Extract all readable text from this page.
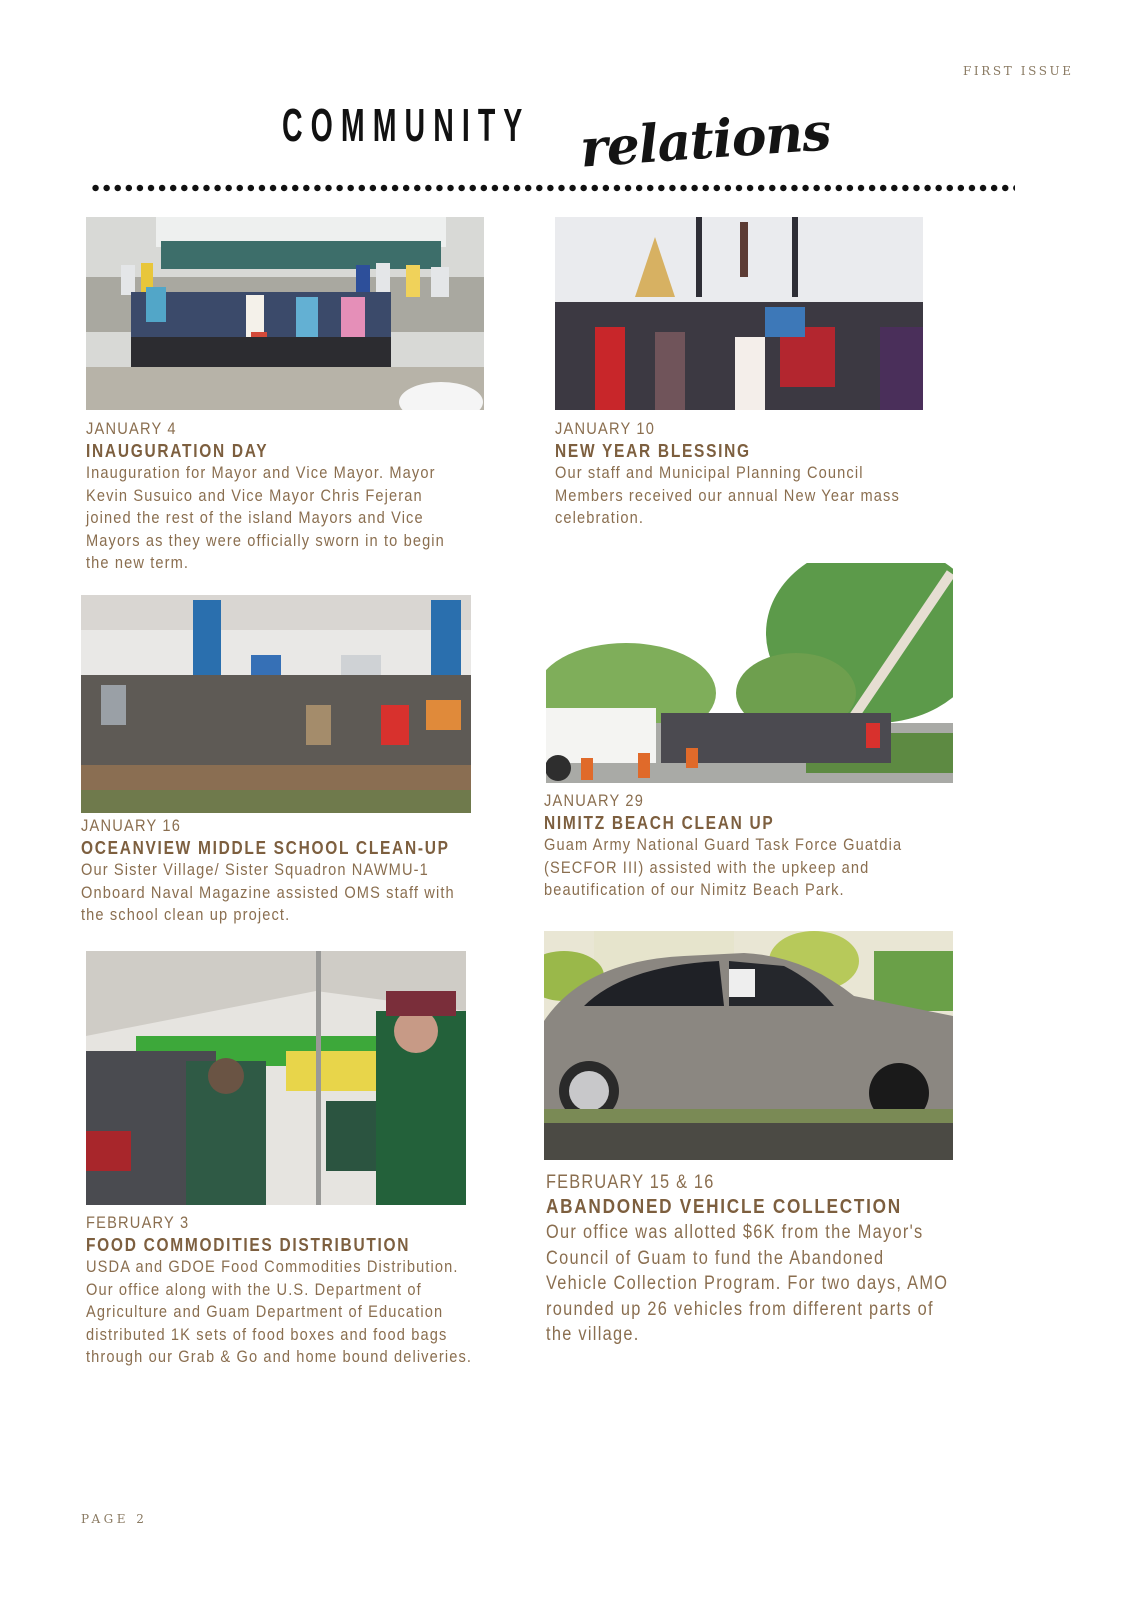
FIRST ISSUE
COMMUNITY relations
JANUARY 4
INAUGURATION DAY
Inauguration for Mayor and Vice Mayor. Mayor Kevin Susuico and Vice Mayor Chris Fejeran joined the rest of the island Mayors and Vice Mayors as they were officially sworn in to begin the new term.
JANUARY 10
NEW YEAR BLESSING
Our staff and Municipal Planning Council Members received our annual New Year mass celebration.
JANUARY 16
OCEANVIEW MIDDLE SCHOOL CLEAN-UP
Our Sister Village/ Sister Squadron NAWMU-1 Onboard Naval Magazine assisted OMS staff with the school clean up project.
JANUARY 29
NIMITZ BEACH CLEAN UP
Guam Army National Guard Task Force Guatdia (SECFOR III) assisted with the upkeep and beautification of our Nimitz Beach Park.
FEBRUARY 3
FOOD COMMODITIES DISTRIBUTION
USDA and GDOE Food Commodities Distribution. Our office along with the U.S. Department of Agriculture and Guam Department of Education distributed 1K sets of food boxes and food bags through our Grab & Go and home bound deliveries.
FEBRUARY 15 & 16
ABANDONED VEHICLE COLLECTION
Our office was allotted $6K from the Mayor's Council of Guam to fund the Abandoned Vehicle Collection Program. For two days, AMO rounded up 26 vehicles from different parts of the village.
PAGE 2
